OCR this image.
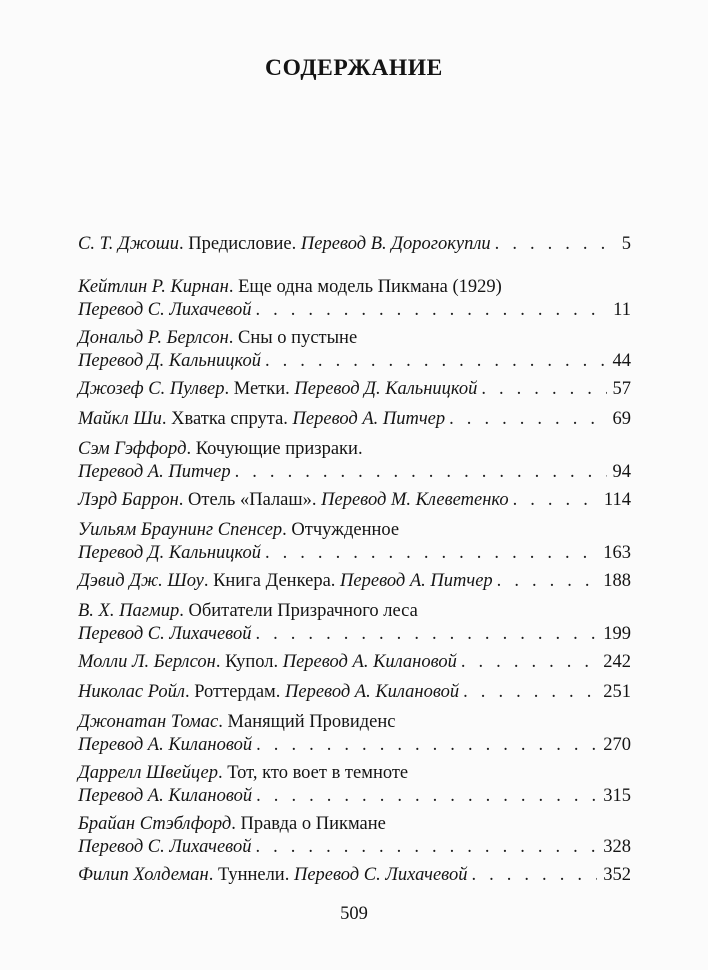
СОДЕРЖАНИЕ
С. Т. Джоши . Предисловие.
Перевод В. Дорогокупли . . .	5
Кейтлин Р. Кирнан . Еще одна модель Пикмана (1929)
Перевод С. Лихачевой . . .	11
Дональд Р. Берлсон . Сны о пустыне
Перевод Д. Кальницкой . . .	44
Джозеф С. Пулвер . Метки.
Перевод Д. Кальницкой . . .	57
Майкл Ши . Хватка спрута.
Перевод А. Питчер . . .	69
Сэм Гэффорд . Кочующие призраки.
Перевод А. Питчер . . .	94
Лэрд Баррон . Отель «Палаш».
Перевод М. Клеветенко . . .	114
Уильям Браунинг Спенсер . Отчужденное
Перевод Д. Кальницкой . . .	163
Дэвид Дж. Шоу . Книга Денкера.
Перевод А. Питчер . . .	188
В. Х. Пагмир . Обитатели Призрачного леса
Перевод С. Лихачевой . . .	199
Молли Л. Берлсон . Купол.
Перевод А. Килановой . . .	242
Николас Ройл . Роттердам.
Перевод А. Килановой . . .	251
Джонатан Томас . Манящий Провиденс
Перевод А. Килановой . . .	270
Даррелл Швейцер . Тот, кто воет в темноте
Перевод А. Килановой . . .	315
Брайан Стэблфорд . Правда о Пикмане
Перевод С. Лихачевой . . .	328
Филип Холдеман . Туннели.
Перевод С. Лихачевой . . .	352
509
